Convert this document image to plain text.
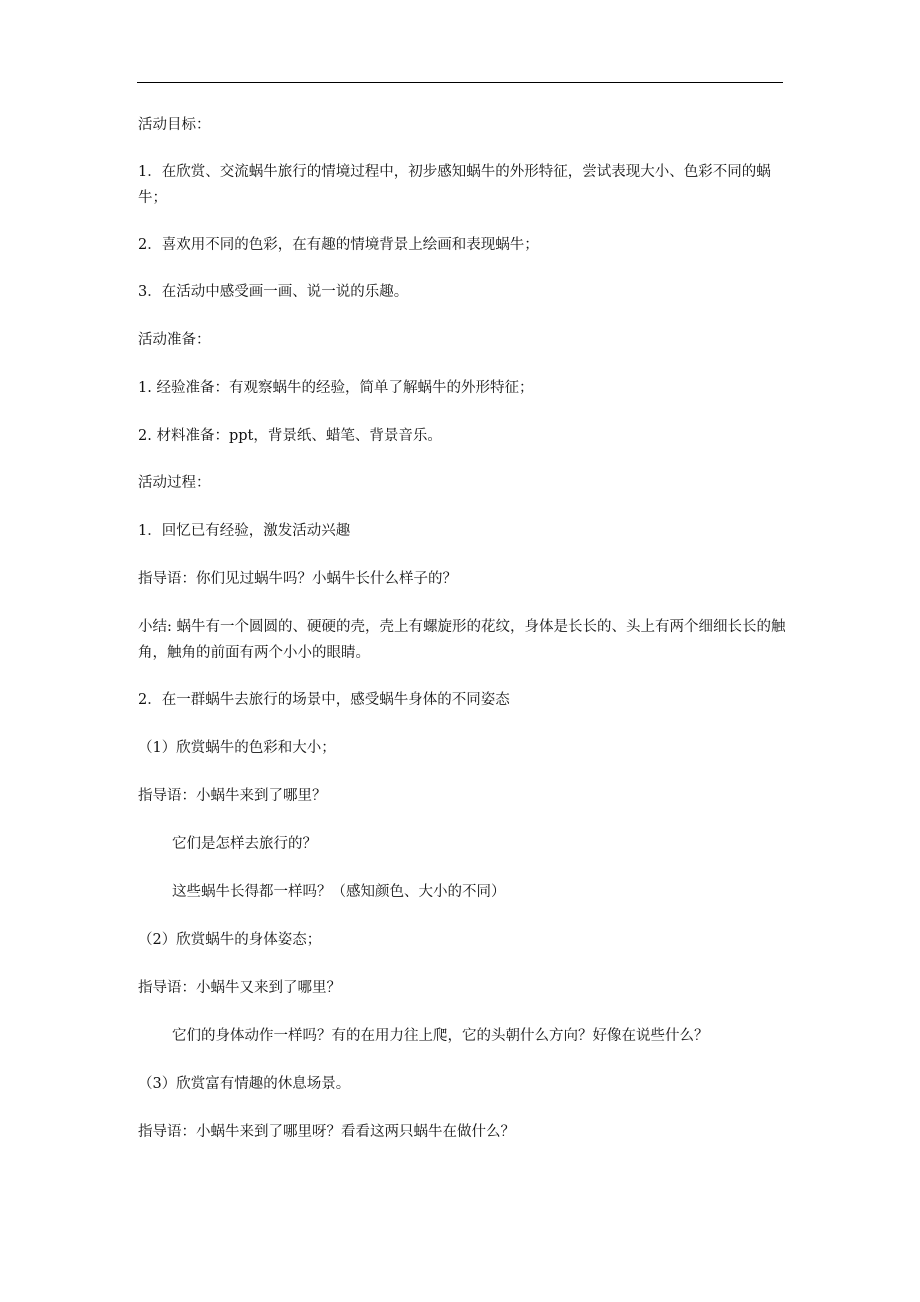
活动目标：
1．在欣赏、交流蜗牛旅行的情境过程中，初步感知蜗牛的外形特征，尝试表现大小、色彩不同的蜗牛；
2．喜欢用不同的色彩，在有趣的情境背景上绘画和表现蜗牛；
3．在活动中感受画一画、说一说的乐趣。
活动准备：
1. 经验准备：有观察蜗牛的经验，简单了解蜗牛的外形特征；
2. 材料准备：ppt，背景纸、蜡笔、背景音乐。
活动过程：
1．回忆已有经验，激发活动兴趣
指导语：你们见过蜗牛吗？小蜗牛长什么样子的？
小结: 蜗牛有一个圆圆的、硬硬的壳，壳上有螺旋形的花纹，身体是长长的、头上有两个细细长长的触角，触角的前面有两个小小的眼睛。
2．在一群蜗牛去旅行的场景中，感受蜗牛身体的不同姿态
（1）欣赏蜗牛的色彩和大小；
指导语：小蜗牛来到了哪里？
它们是怎样去旅行的？
这些蜗牛长得都一样吗？（感知颜色、大小的不同）
（2）欣赏蜗牛的身体姿态；
指导语：小蜗牛又来到了哪里？
它们的身体动作一样吗？有的在用力往上爬，它的头朝什么方向？好像在说些什么？
（3）欣赏富有情趣的休息场景。
指导语：小蜗牛来到了哪里呀？看看这两只蜗牛在做什么？
